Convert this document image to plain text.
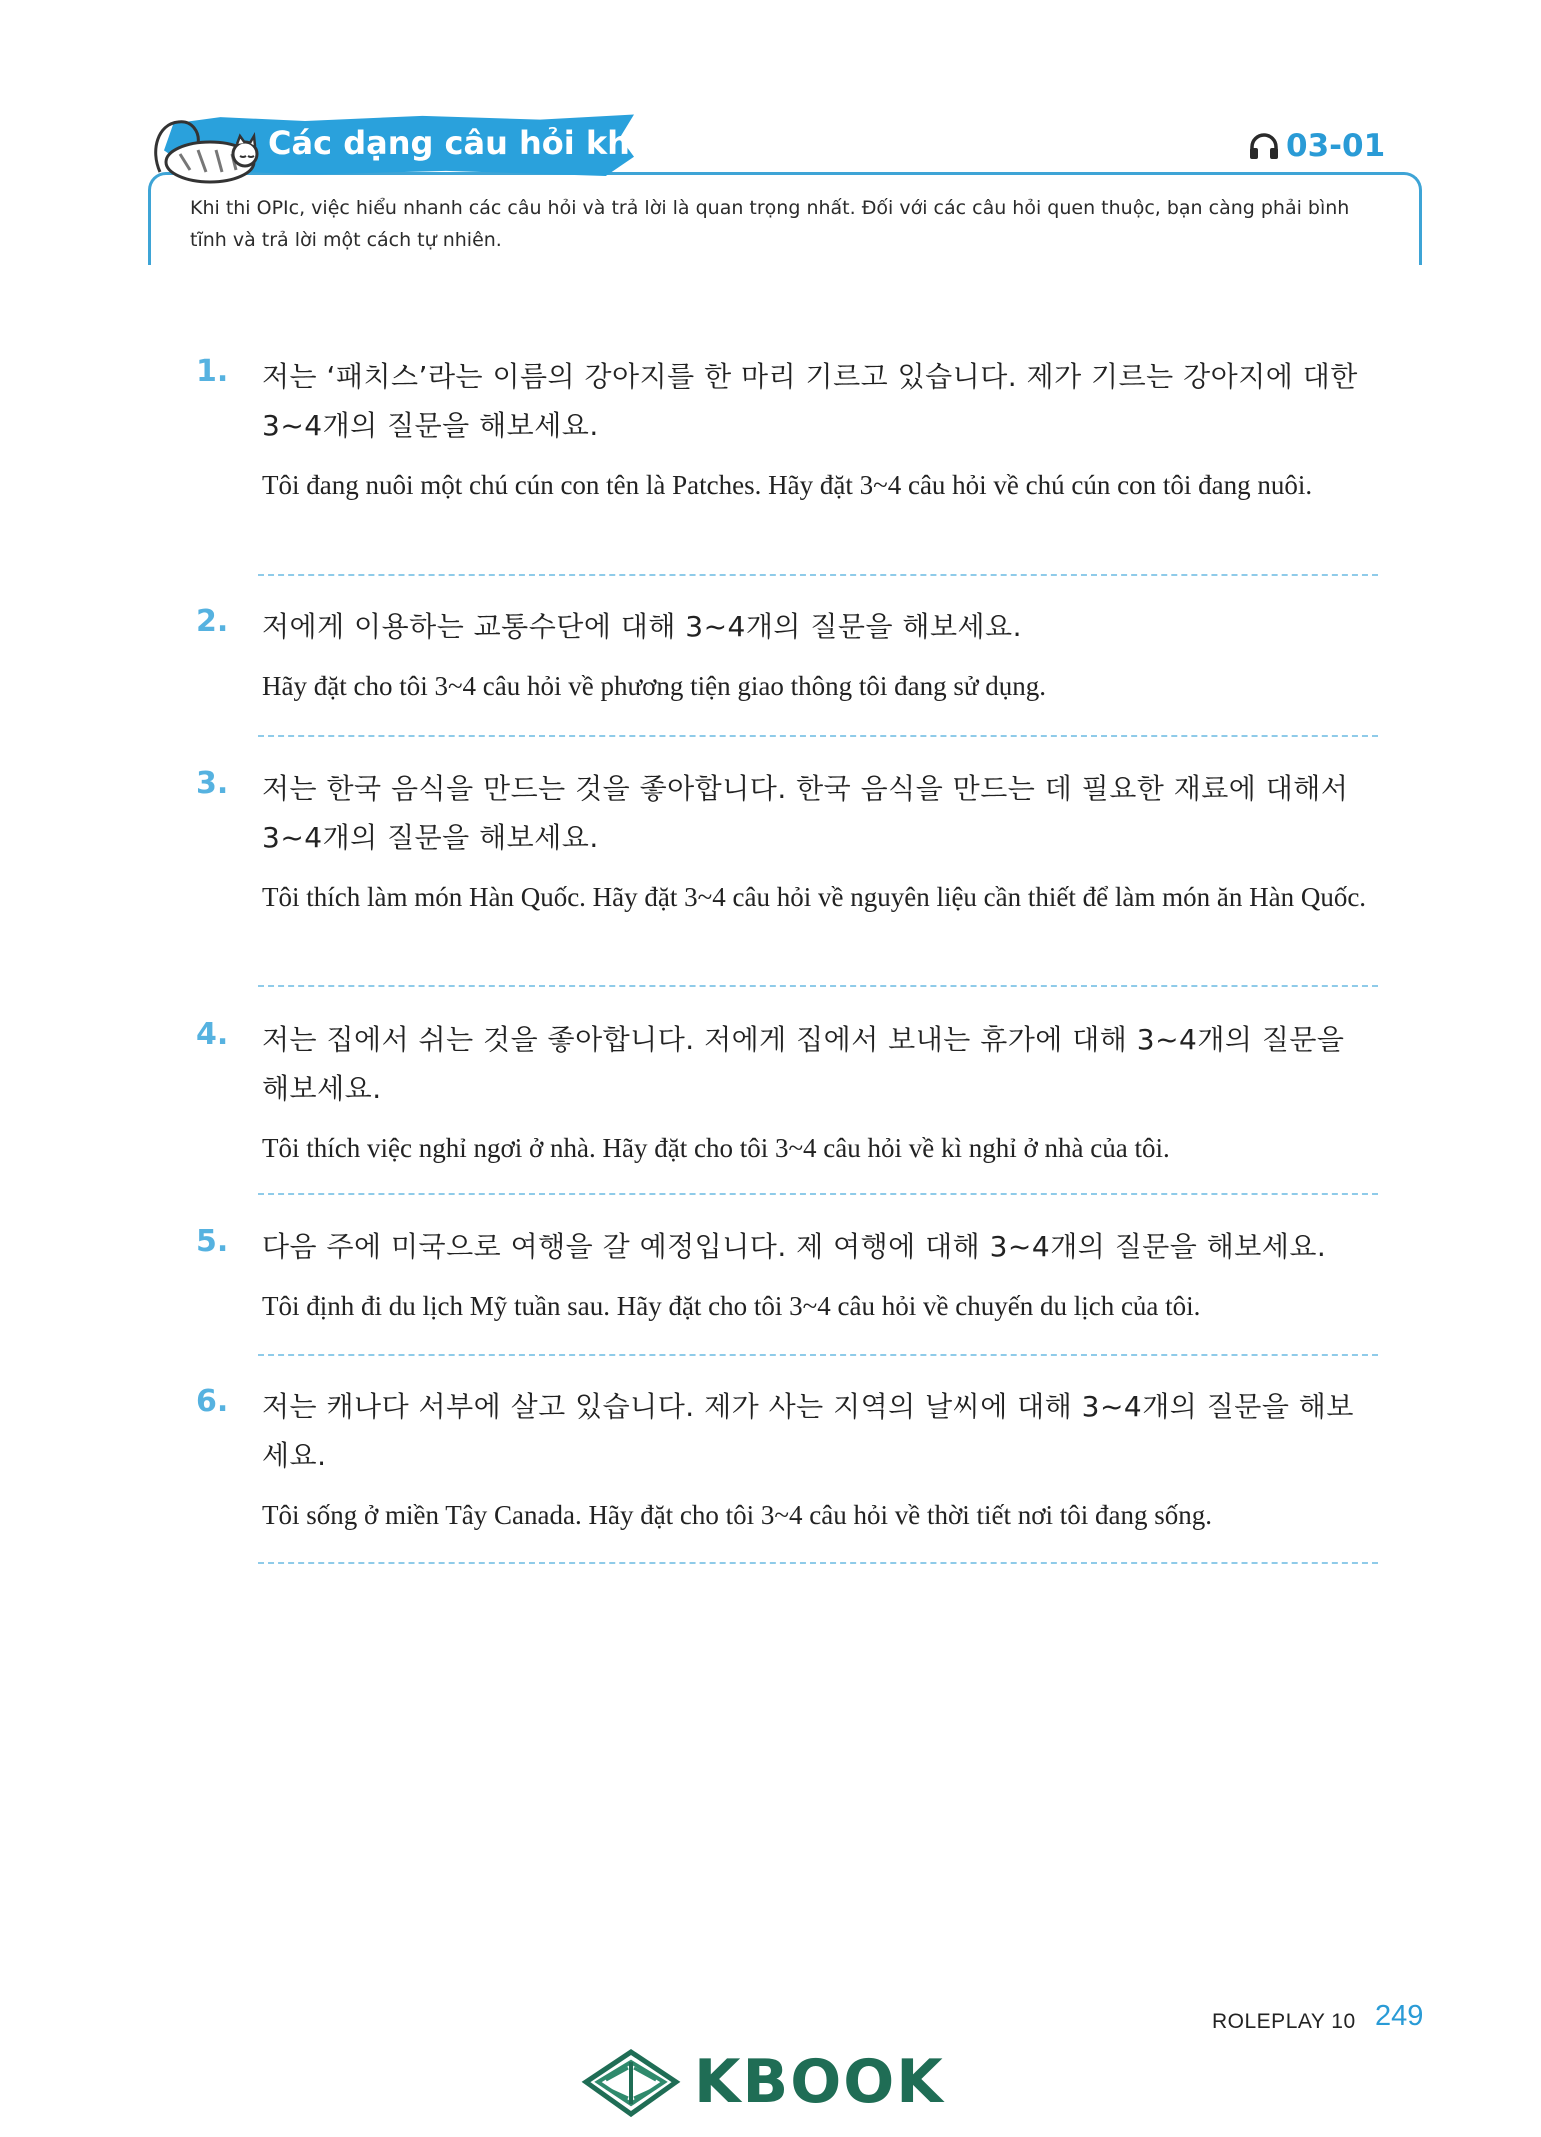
Các dạng câu hỏi khác	03-01
Khi thi OPIc, việc hiểu nhanh các câu hỏi và trả lời là quan trọng nhất. Đối với các câu hỏi quen thuộc, bạn càng phải bình tĩnh và trả lời một cách tự nhiên.
1. 저는 ‘패치스’라는 이름의 강아지를 한 마리 기르고 있습니다. 제가 기르는 강아지에 대한 3~4개의 질문을 해보세요.
Tôi đang nuôi một chú cún con tên là Patches. Hãy đặt 3~4 câu hỏi về chú cún con tôi đang nuôi.
2. 저에게 이용하는 교통수단에 대해 3~4개의 질문을 해보세요.
Hãy đặt cho tôi 3~4 câu hỏi về phương tiện giao thông tôi đang sử dụng.
3. 저는 한국 음식을 만드는 것을 좋아합니다. 한국 음식을 만드는 데 필요한 재료에 대해서 3~4개의 질문을 해보세요.
Tôi thích làm món Hàn Quốc. Hãy đặt 3~4 câu hỏi về nguyên liệu cần thiết để làm món ăn Hàn Quốc.
4. 저는 집에서 쉬는 것을 좋아합니다. 저에게 집에서 보내는 휴가에 대해 3~4개의 질문을 해보세요.
Tôi thích việc nghỉ ngơi ở nhà. Hãy đặt cho tôi 3~4 câu hỏi về kì nghỉ ở nhà của tôi.
5. 다음 주에 미국으로 여행을 갈 예정입니다. 제 여행에 대해 3~4개의 질문을 해보세요.
Tôi định đi du lịch Mỹ tuần sau. Hãy đặt cho tôi 3~4 câu hỏi về chuyến du lịch của tôi.
6. 저는 캐나다 서부에 살고 있습니다. 제가 사는 지역의 날씨에 대해 3~4개의 질문을 해보세요.
Tôi sống ở miền Tây Canada. Hãy đặt cho tôi 3~4 câu hỏi về thời tiết nơi tôi đang sống.
ROLEPLAY 10 249
KBOOK
